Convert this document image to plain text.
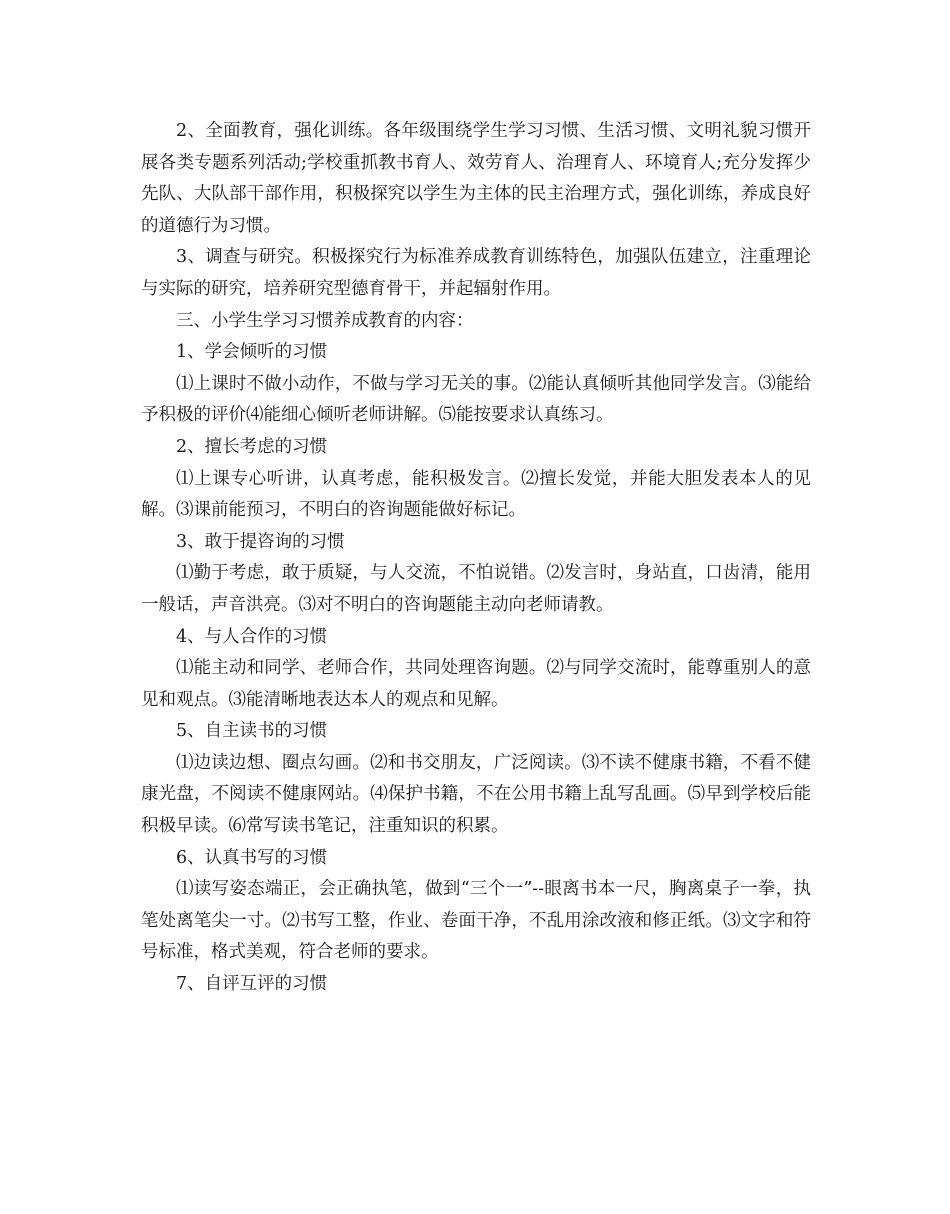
2、全面教育，强化训练。各年级围绕学生学习习惯、生活习惯、文明礼貌习惯开展各类专题系列活动;学校重抓教书育人、效劳育人、治理育人、环境育人;充分发挥少先队、大队部干部作用，积极探究以学生为主体的民主治理方式，强化训练，养成良好的道德行为习惯。

3、调查与研究。积极探究行为标准养成教育训练特色，加强队伍建立，注重理论与实际的研究，培养研究型德育骨干，并起辐射作用。

三、小学生学习习惯养成教育的内容：

1、学会倾听的习惯

⑴上课时不做小动作，不做与学习无关的事。⑵能认真倾听其他同学发言。⑶能给予积极的评价⑷能细心倾听老师讲解。⑸能按要求认真练习。

2、擅长考虑的习惯

⑴上课专心听讲，认真考虑，能积极发言。⑵擅长发觉，并能大胆发表本人的见解。⑶课前能预习，不明白的咨询题能做好标记。

3、敢于提咨询的习惯

⑴勤于考虑，敢于质疑，与人交流，不怕说错。⑵发言时，身站直，口齿清，能用一般话，声音洪亮。⑶对不明白的咨询题能主动向老师请教。

4、与人合作的习惯

⑴能主动和同学、老师合作，共同处理咨询题。⑵与同学交流时，能尊重别人的意见和观点。⑶能清晰地表达本人的观点和见解。

5、自主读书的习惯

⑴边读边想、圈点勾画。⑵和书交朋友，广泛阅读。⑶不读不健康书籍，不看不健康光盘，不阅读不健康网站。⑷保护书籍，不在公用书籍上乱写乱画。⑸早到学校后能积极早读。⑹常写读书笔记，注重知识的积累。

6、认真书写的习惯

⑴读写姿态端正，会正确执笔，做到“三个一”--眼离书本一尺，胸离桌子一拳，执笔处离笔尖一寸。⑵书写工整，作业、卷面干净，不乱用涂改液和修正纸。⑶文字和符号标准，格式美观，符合老师的要求。

7、自评互评的习惯
